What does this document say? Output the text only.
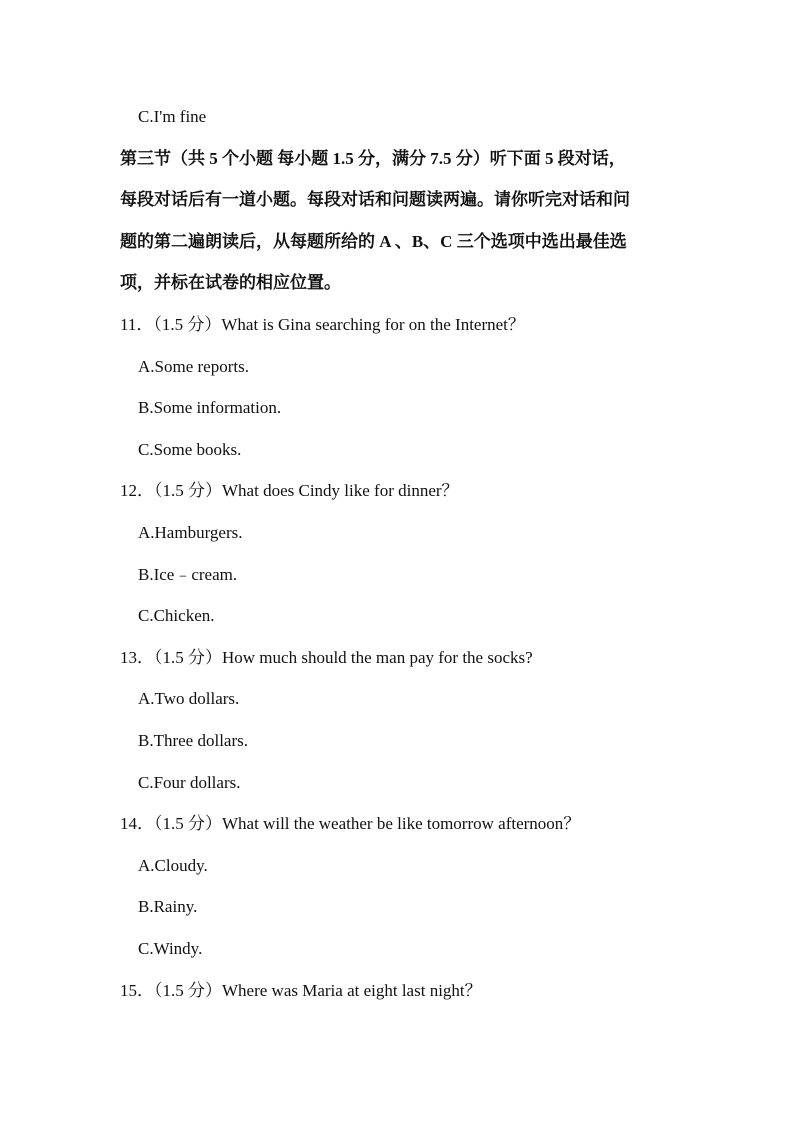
C.I'm fine
第三节（共 5 个小题 每小题 1.5 分，满分 7.5 分）听下面 5 段对话，
每段对话后有一道小题。每段对话和问题读两遍。请你听完对话和问
题的第二遍朗读后，从每题所给的 A 、B、C 三个选项中选出最佳选
项，并标在试卷的相应位置。
11．（1.5 分）What is Gina searching for on the Internet？
A.Some reports.
B.Some information.
C.Some books.
12．（1.5 分）What does Cindy like for dinner？
A.Hamburgers.
B.Ice﹣cream.
C.Chicken.
13．（1.5 分）How much should the man pay for the socks?
A.Two dollars.
B.Three dollars.
C.Four dollars.
14．（1.5 分）What will the weather be like tomorrow afternoon？
A.Cloudy.
B.Rainy.
C.Windy.
15．（1.5 分）Where was Maria at eight last night？
